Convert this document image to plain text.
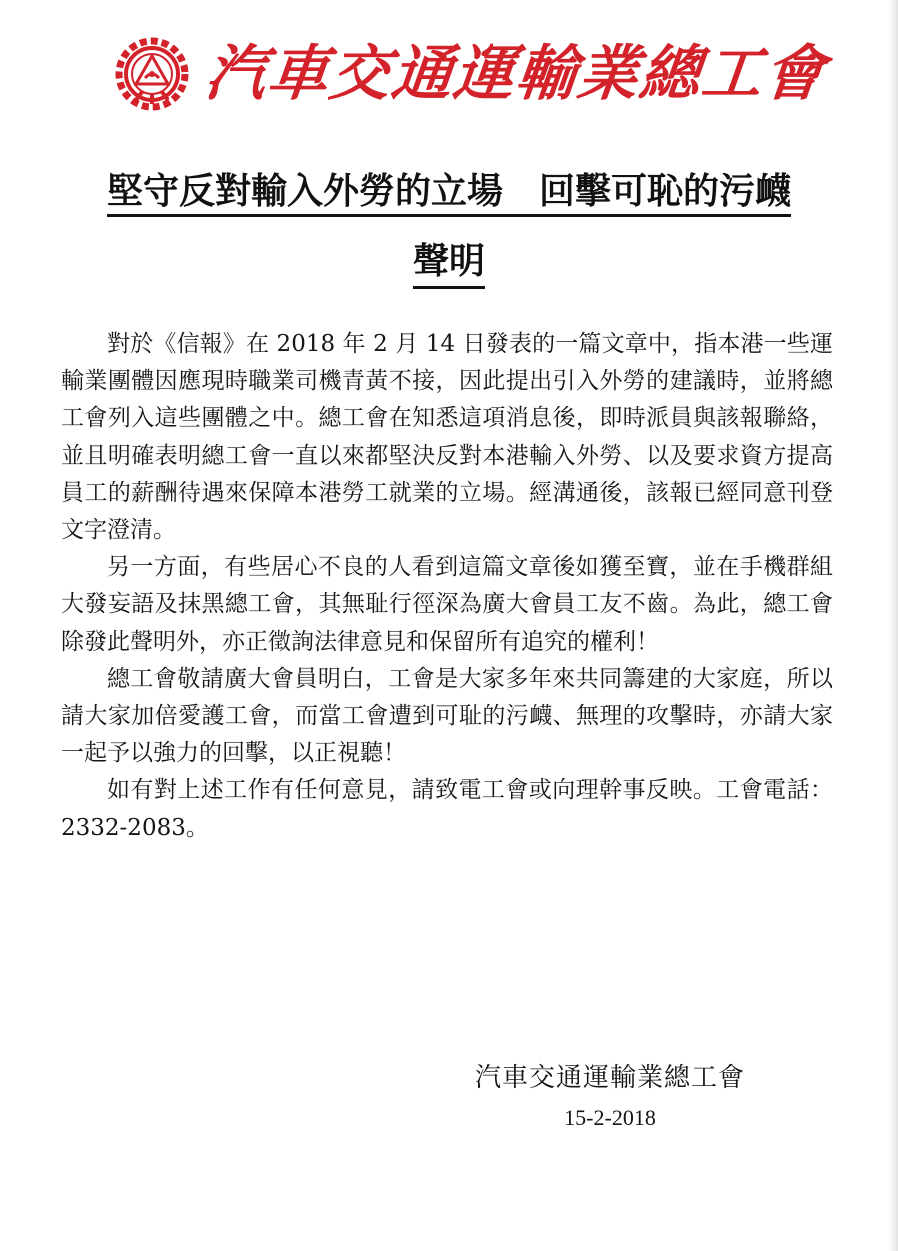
汽車交通運輸業總工會
堅守反對輸入外勞的立場　回擊可恥的污衊
聲明

對於《信報》在 2018 年 2 月 14 日發表的一篇文章中，指本港一些運輸業團體因應現時職業司機青黃不接，因此提出引入外勞的建議時，並將總工會列入這些團體之中。總工會在知悉這項消息後，即時派員與該報聯絡，並且明確表明總工會一直以來都堅決反對本港輸入外勞、以及要求資方提高員工的薪酬待遇來保障本港勞工就業的立場。經溝通後，該報已經同意刊登文字澄清。

另一方面，有些居心不良的人看到這篇文章後如獲至寶，並在手機群組大發妄語及抹黑總工會，其無耻行徑深為廣大會員工友不齒。為此，總工會除發此聲明外，亦正徵詢法律意見和保留所有追究的權利！

總工會敬請廣大會員明白，工會是大家多年來共同籌建的大家庭，所以請大家加倍愛護工會，而當工會遭到可耻的污衊、無理的攻擊時，亦請大家一起予以強力的回擊，以正視聽！

如有對上述工作有任何意見，請致電工會或向理幹事反映。工會電話：2332-2083。

汽車交通運輸業總工會
15-2-2018
